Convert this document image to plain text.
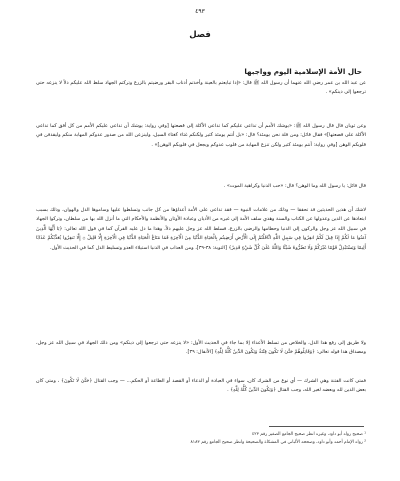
٤٩٣
فصل
حال الأمة الإسلامية اليوم وواجبها
عن عبد الله بن عمر رضي الله عنهما أن رسول الله ﷺ قال: «إذا تبايعتم بالعينة وأخذتم أذناب البقر ورضيتم بالزرع وتركتم الجهاد سلط الله عليكم ذلاً لا ينزعه حتى ترجعوا إلى دينكم» .
وعن ثوبان قال قال رسول الله ﷺ: «يوشك الأمم أن تداعى عليكم كما تداعى الأكلة إلى قصعتها [وفي رواية: يوشك أن تداعى عليكم الأمم من كل أفق كما تداعى الأكلة على قصعتها]» فقال قائل: ومن قلة نحن يومئذ؟ قال: «بل أنتم يومئذ كثير ولكنكم غثاء كغثاء السيل، ولينزعن الله من صدور عدوكم المهابة منكم وليقذفن في قلوبكم الوهن [وفي رواية: أنتم يومئذ كثير ولكن تنزع المهابة من قلوب عدوكم ويجعل في قلوبكم الوهن]» .
قال قائل: يا رسول الله وما الوهن؟ قال: «حب الدنيا وكراهية الموت» .
لاشك أن هذين الحديثين قد تحققا — وذلك من علامات النبوة — فقد تداعى على الأمة أعداؤها من كل جانب وتسلطوا عليها وساموها الذل والهوان، وذلك بسبب ابتعادها عن الدين وعدولها عن الكتاب والسنة وهدي سلف الأمة إلى غيره من الأديان وعبادة الأوثان والأنظمة والأحكام التي ما أنزل الله بها من سلطان، وتركوا الجهاد في سبيل الله عز وجل والركون إلى الدنيا وحطامها والرضى بالزرع، فسلط الله عز وجل عليهم ذلاً، وهذا ما دل عليه القرآن كما في قول الله تعالى: ﴿يَا أَيُّهَا الَّذِينَ آمَنُوا مَا لَكُمْ إِذَا قِيلَ لَكُمُ انفِرُوا فِي سَبِيلِ اللَّهِ اثَّاقَلْتُمْ إِلَى الْأَرْضِ أَرَضِيتُم بِالْحَيَاةِ الدُّنْيَا مِنَ الْآخِرَةِ فَمَا مَتَاعُ الْحَيَاةِ الدُّنْيَا فِي الْآخِرَةِ إِلَّا قَلِيلٌ ۞ إِلَّا تَنفِرُوا يُعَذِّبْكُمْ عَذَابًا أَلِيمًا وَيَسْتَبْدِلْ قَوْمًا غَيْرَكُمْ وَلَا تَضُرُّوهُ شَيْئًا وَاللَّهُ عَلَىٰ كُلِّ شَيْءٍ قَدِيرٌ﴾ [التوبة: ٣٨-٣٩]، ومن العذاب في الدنيا استيلاء العدو وتسليط الذل كما في الحديث الأول.
ولا طريق إلى رفع هذا الذل، والخلاص من تسلط الأعداء إلا بما جاء في الحديث الأول: «لا ينزعه حتى ترجعوا إلى دينكم» ومن ذلك الجهاد في سبيل الله عز وجل، ومصداق هذا قوله تعالى: ﴿وَقَاتِلُوهُمْ حَتَّىٰ لَا تَكُونَ فِتْنَةٌ وَيَكُونَ الدِّينُ كُلُّهُ لِلَّهِ﴾ [الأنفال: ٣٩].
فمتى كانت الفتنة وهي الشرك — أي نوع من الشرك كان، سواء في العبادة أو الدعاء أو القصد أو الطاعة أو الحكم... — وجب القتال ﴿حَتَّىٰ لَا تَكُونَ﴾ ، ومتى كان بعض الدين لله وبعضه لغير الله، وجب القتال ﴿وَيَكُونَ الدِّينُ كُلُّهُ لِلَّهِ﴾ .
¹ صحيح رواه أبو داود، وغيره انظر صحيح الجامع الصغير رقم ٤٢٣
² رواه الإمام أحمد وأبو داود، وصححه الألباني في المشكاة والصحيحة وانظر صحيح الجامع رقم ٨١٨٣
